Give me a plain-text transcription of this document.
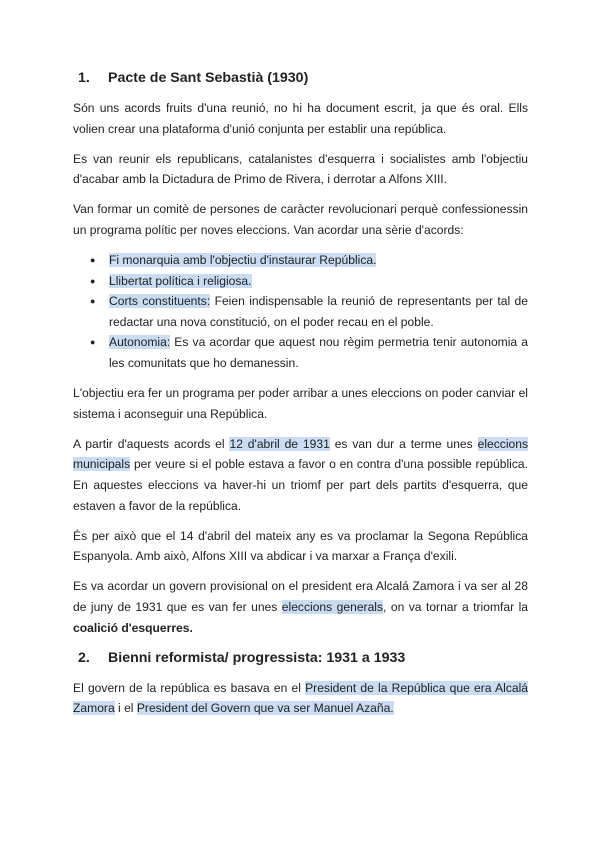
1. Pacte de Sant Sebastià (1930)

Són uns acords fruits d'una reunió, no hi ha document escrit, ja que és oral. Ells volien crear una plataforma d'unió conjunta per establir una república.

Es van reunir els republicans, catalanistes d'esquerra i socialistes amb l'objectiu d'acabar amb la Dictadura de Primo de Rivera, i derrotar a Alfons XIII.

Van formar un comitè de persones de caràcter revolucionari perquè confessionessin un programa polític per noves eleccions. Van acordar una sèrie d'acords:

● Fi monarquia amb l'objectiu d'instaurar República.
● Llibertat política i religiosa.
● Corts constituents: Feien indispensable la reunió de representants per tal de redactar una nova constitució, on el poder recau en el poble.
● Autonomia: Es va acordar que aquest nou règim permetria tenir autonomia a les comunitats que ho demanessin.

L'objectiu era fer un programa per poder arribar a unes eleccions on poder canviar el sistema i aconseguir una República.

A partir d'aquests acords el 12 d'abril de 1931 es van dur a terme unes eleccions municipals per veure si el poble estava a favor o en contra d'una possible república. En aquestes eleccions va haver-hi un triomf per part dels partits d'esquerra, que estaven a favor de la república.

És per això que el 14 d'abril del mateix any es va proclamar la Segona República Espanyola. Amb això, Alfons XIII va abdicar i va marxar a França d'exili.

Es va acordar un govern provisional on el president era Alcalá Zamora i va ser al 28 de juny de 1931 que es van fer unes eleccions generals, on va tornar a triomfar la coalició d'esquerres.

2. Bienni reformista/ progressista: 1931 a 1933

El govern de la república es basava en el President de la República que era Alcalá Zamora i el President del Govern que va ser Manuel Azaña.
